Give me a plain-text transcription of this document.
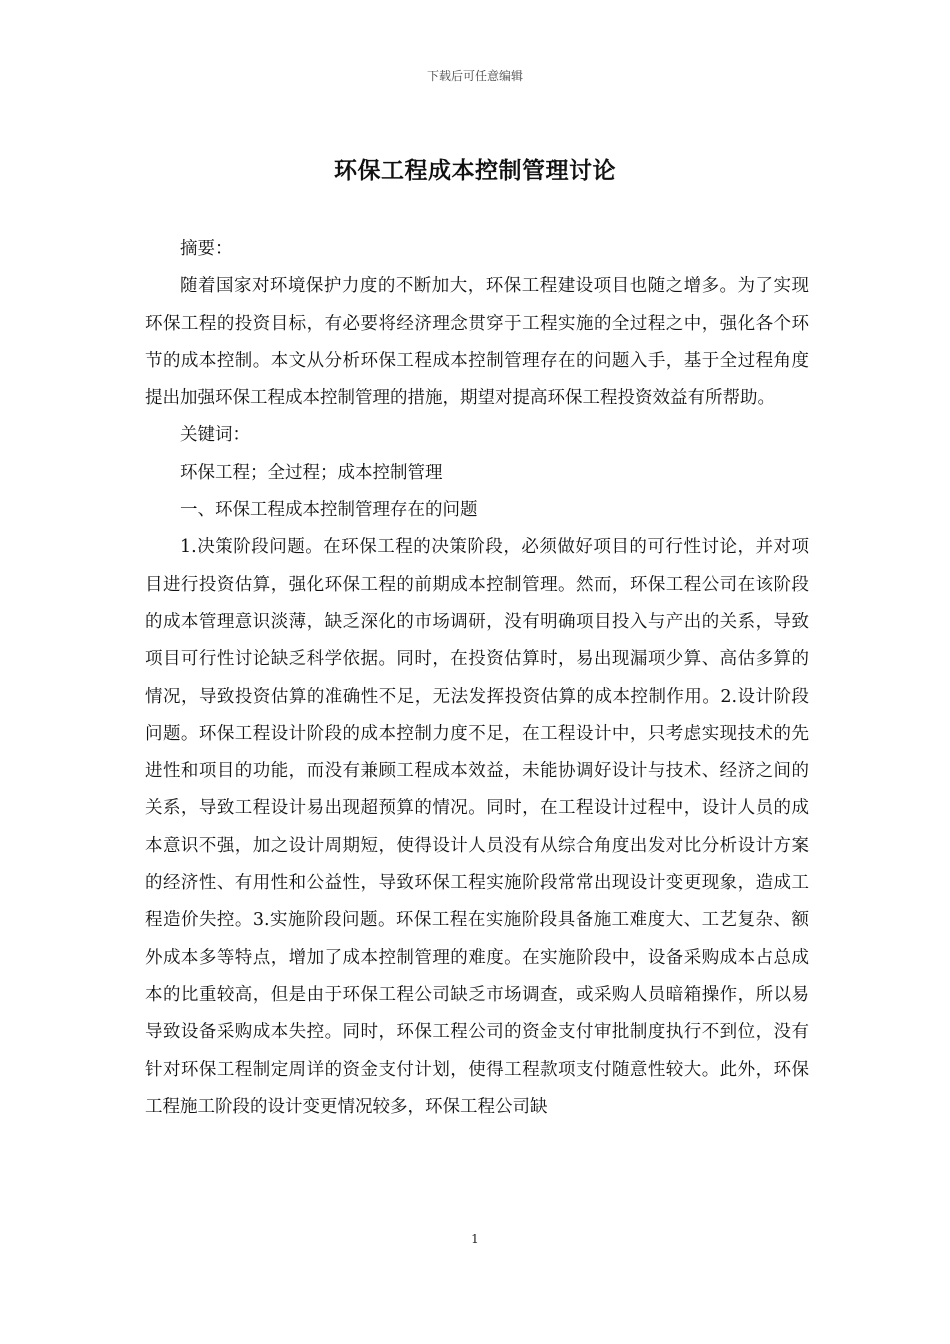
下载后可任意编辑
环保工程成本控制管理讨论

摘要：

随着国家对环境保护力度的不断加大，环保工程建设项目也随之增多。为了实现环保工程的投资目标，有必要将经济理念贯穿于工程实施的全过程之中，强化各个环节的成本控制。本文从分析环保工程成本控制管理存在的问题入手，基于全过程角度提出加强环保工程成本控制管理的措施，期望对提高环保工程投资效益有所帮助。

关键词：

环保工程；全过程；成本控制管理

一、环保工程成本控制管理存在的问题

1.决策阶段问题。在环保工程的决策阶段，必须做好项目的可行性讨论，并对项目进行投资估算，强化环保工程的前期成本控制管理。然而，环保工程公司在该阶段的成本管理意识淡薄，缺乏深化的市场调研，没有明确项目投入与产出的关系，导致项目可行性讨论缺乏科学依据。同时，在投资估算时，易出现漏项少算、高估多算的情况，导致投资估算的准确性不足，无法发挥投资估算的成本控制作用。2.设计阶段问题。环保工程设计阶段的成本控制力度不足，在工程设计中，只考虑实现技术的先进性和项目的功能，而没有兼顾工程成本效益，未能协调好设计与技术、经济之间的关系，导致工程设计易出现超预算的情况。同时，在工程设计过程中，设计人员的成本意识不强，加之设计周期短，使得设计人员没有从综合角度出发对比分析设计方案的经济性、有用性和公益性，导致环保工程实施阶段常常出现设计变更现象，造成工程造价失控。3.实施阶段问题。环保工程在实施阶段具备施工难度大、工艺复杂、额外成本多等特点，增加了成本控制管理的难度。在实施阶段中，设备采购成本占总成本的比重较高，但是由于环保工程公司缺乏市场调查，或采购人员暗箱操作，所以易导致设备采购成本失控。同时，环保工程公司的资金支付审批制度执行不到位，没有针对环保工程制定周详的资金支付计划，使得工程款项支付随意性较大。此外，环保工程施工阶段的设计变更情况较多，环保工程公司缺

1
